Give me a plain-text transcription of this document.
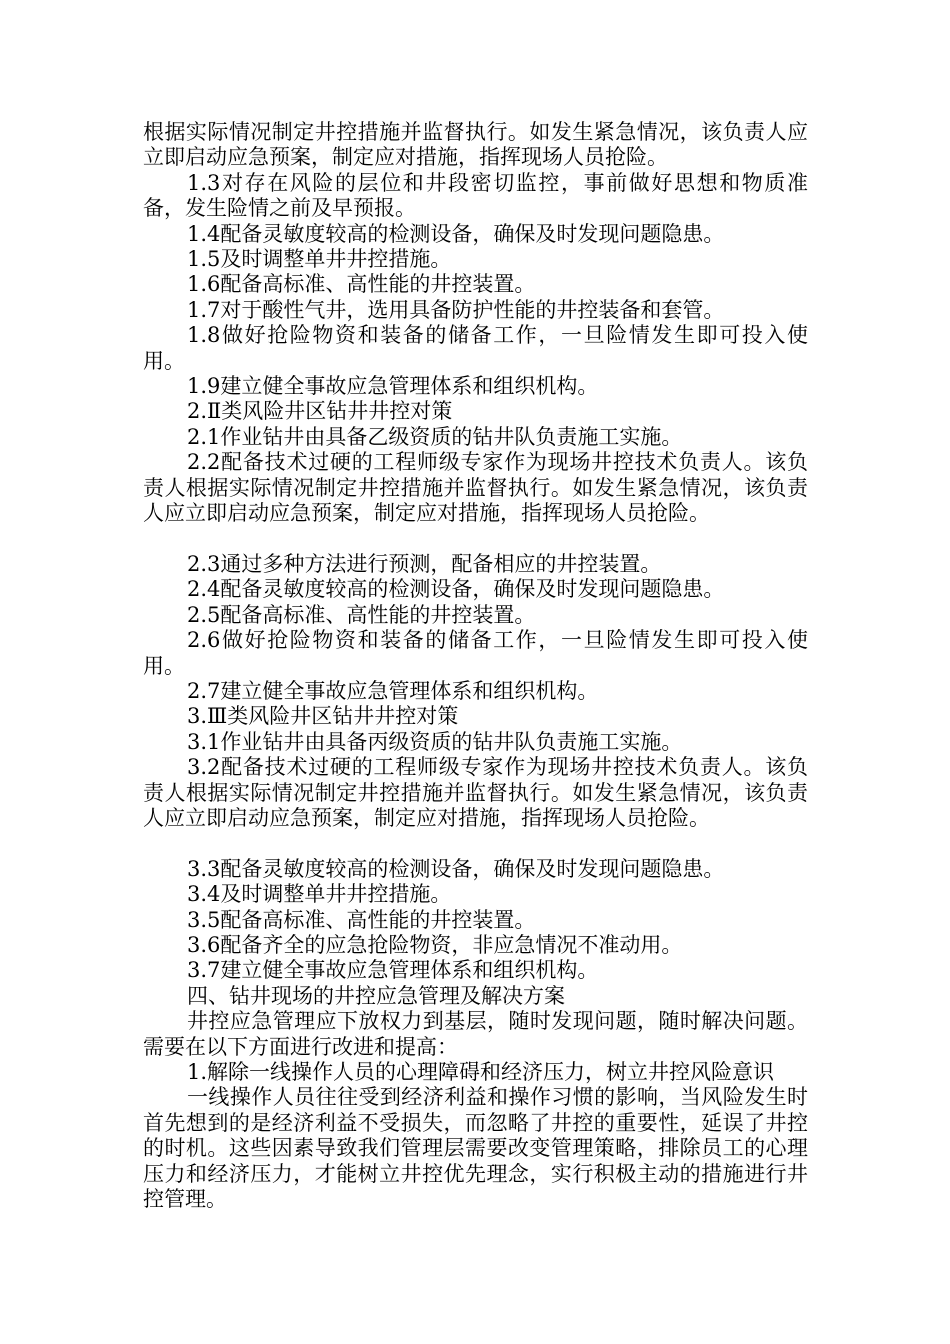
根据实际情况制定井控措施并监督执行。如发生紧急情况，该负责人应立即启动应急预案，制定应对措施，指挥现场人员抢险。

1.3对存在风险的层位和井段密切监控，事前做好思想和物质准备，发生险情之前及早预报。

1.4配备灵敏度较高的检测设备，确保及时发现问题隐患。

1.5及时调整单井井控措施。

1.6配备高标准、高性能的井控装置。

1.7对于酸性气井，选用具备防护性能的井控装备和套管。

1.8做好抢险物资和装备的储备工作，一旦险情发生即可投入使用。

1.9建立健全事故应急管理体系和组织机构。

2.Ⅱ类风险井区钻井井控对策

2.1作业钻井由具备乙级资质的钻井队负责施工实施。

2.2配备技术过硬的工程师级专家作为现场井控技术负责人。该负责人根据实际情况制定井控措施并监督执行。如发生紧急情况，该负责人应立即启动应急预案，制定应对措施，指挥现场人员抢险。

2.3通过多种方法进行预测，配备相应的井控装置。

2.4配备灵敏度较高的检测设备，确保及时发现问题隐患。

2.5配备高标准、高性能的井控装置。

2.6做好抢险物资和装备的储备工作，一旦险情发生即可投入使用。

2.7建立健全事故应急管理体系和组织机构。

3.Ⅲ类风险井区钻井井控对策

3.1作业钻井由具备丙级资质的钻井队负责施工实施。

3.2配备技术过硬的工程师级专家作为现场井控技术负责人。该负责人根据实际情况制定井控措施并监督执行。如发生紧急情况，该负责人应立即启动应急预案，制定应对措施，指挥现场人员抢险。

3.3配备灵敏度较高的检测设备，确保及时发现问题隐患。

3.4及时调整单井井控措施。

3.5配备高标准、高性能的井控装置。

3.6配备齐全的应急抢险物资，非应急情况不准动用。

3.7建立健全事故应急管理体系和组织机构。

四、钻井现场的井控应急管理及解决方案

井控应急管理应下放权力到基层，随时发现问题，随时解决问题。需要在以下方面进行改进和提高：

1.解除一线操作人员的心理障碍和经济压力，树立井控风险意识

一线操作人员往往受到经济利益和操作习惯的影响，当风险发生时首先想到的是经济利益不受损失，而忽略了井控的重要性，延误了井控的时机。这些因素导致我们管理层需要改变管理策略，排除员工的心理压力和经济压力，才能树立井控优先理念，实行积极主动的措施进行井控管理。
